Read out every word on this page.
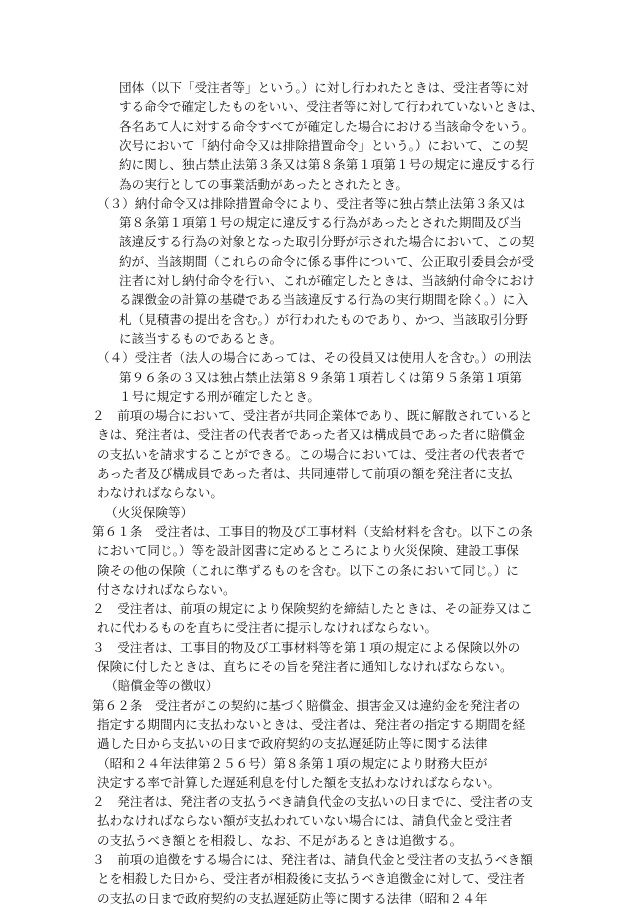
団体（以下「受注者等」という。）に対し行われたときは、受注者等に対
する命令で確定したものをいい、受注者等に対して行われていないときは、
各名あて人に対する命令すべてが確定した場合における当該命令をいう。
次号において「納付命令又は排除措置命令」という。）において、この契
約に関し、独占禁止法第３条又は第８条第１項第１号の規定に違反する行
為の実行としての事業活動があったとされたとき。
（３）納付命令又は排除措置命令により、受注者等に独占禁止法第３条又は
第８条第１項第１号の規定に違反する行為があったとされた期間及び当
該違反する行為の対象となった取引分野が示された場合において、この契
約が、当該期間（これらの命令に係る事件について、公正取引委員会が受
注者に対し納付命令を行い、これが確定したときは、当該納付命令におけ
る課徴金の計算の基礎である当該違反する行為の実行期間を除く。）に入
札（見積書の提出を含む。）が行われたものであり、かつ、当該取引分野
に該当するものであるとき。
（４）受注者（法人の場合にあっては、その役員又は使用人を含む。）の刑法
第９６条の３又は独占禁止法第８９条第１項若しくは第９５条第１項第
１号に規定する刑が確定したとき。
２　前項の場合において、受注者が共同企業体であり、既に解散されていると
きは、発注者は、受注者の代表者であった者又は構成員であった者に賠償金
の支払いを請求することができる。この場合においては、受注者の代表者で
あった者及び構成員であった者は、共同連帯して前項の額を発注者に支払
わなければならない。
（火災保険等）
第６１条　受注者は、工事目的物及び工事材料（支給材料を含む。以下この条
において同じ。）等を設計図書に定めるところにより火災保険、建設工事保
険その他の保険（これに準ずるものを含む。以下この条において同じ。）に
付さなければならない。
２　受注者は、前項の規定により保険契約を締結したときは、その証券又はこ
れに代わるものを直ちに受注者に提示しなければならない。
３　受注者は、工事目的物及び工事材料等を第１項の規定による保険以外の
保険に付したときは、直ちにその旨を発注者に通知しなければならない。
（賠償金等の徴収）
第６２条　受注者がこの契約に基づく賠償金、損害金又は違約金を発注者の
指定する期間内に支払わないときは、受注者は、発注者の指定する期間を経
過した日から支払いの日まで政府契約の支払遅延防止等に関する法律
（昭和２４年法律第２５６号）第８条第１項の規定により財務大臣が
決定する率で計算した遅延利息を付した額を支払わなければならない。
２　発注者は、発注者の支払うべき請負代金の支払いの日までに、受注者の支
払わなければならない額が支払われていない場合には、請負代金と受注者
の支払うべき額とを相殺し、なお、不足があるときは追徴する。
３　前項の追徴をする場合には、発注者は、請負代金と受注者の支払うべき額
とを相殺した日から、受注者が相殺後に支払うべき追徴金に対して、受注者
の支払の日まで政府契約の支払遅延防止等に関する法律（昭和２４年
